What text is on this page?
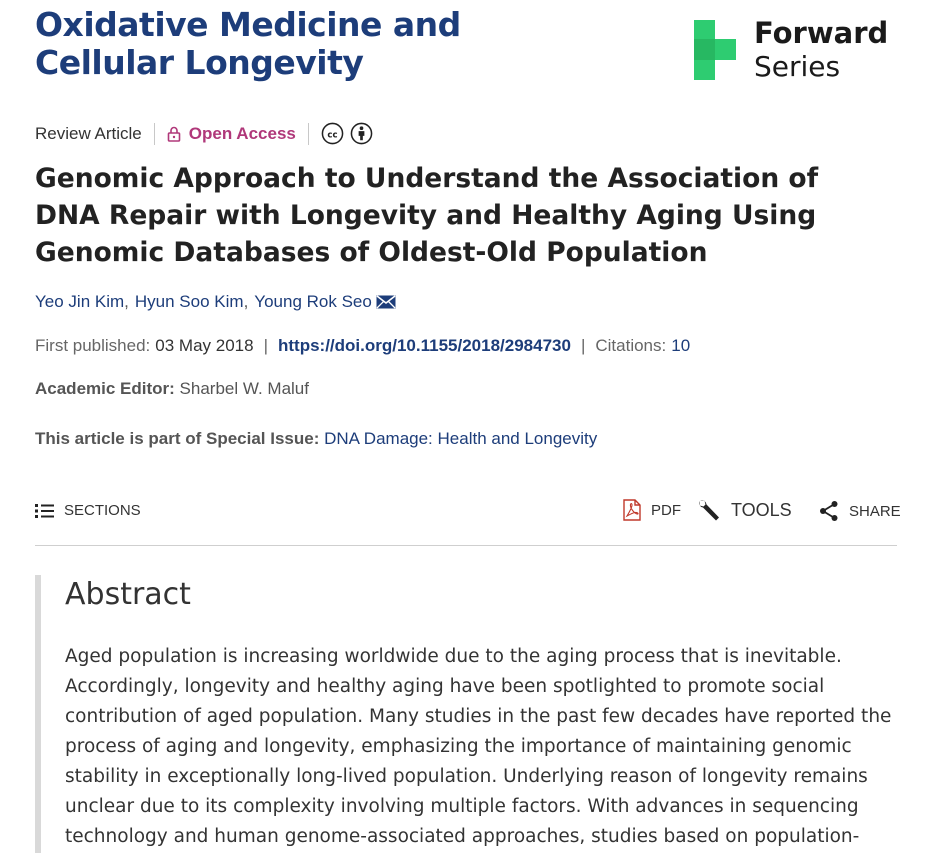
Oxidative Medicine and
Cellular Longevity
Forward
Series
Review Article	Open Access	cc
Genomic Approach to Understand the Association of DNA Repair with Longevity and Healthy Aging Using Genomic Databases of Oldest-Old Population
Yeo Jin Kim , Hyun Soo Kim , Young Rok Seo
First published: 03 May 2018 | https://doi.org/10.1155/2018/2984730 | Citations: 10
Academic Editor: Sharbel W. Maluf
This article is part of Special Issue: DNA Damage: Health and Longevity
SECTIONS	PDF	TOOLS	SHARE
Abstract

Aged population is increasing worldwide due to the aging process that is inevitable. Accordingly, longevity and healthy aging have been spotlighted to promote social contribution of aged population. Many studies in the past few decades have reported the process of aging and longevity, emphasizing the importance of maintaining genomic stability in exceptionally long-lived population. Underlying reason of longevity remains unclear due to its complexity involving multiple factors. With advances in sequencing technology and human genome-associated approaches, studies based on population-
